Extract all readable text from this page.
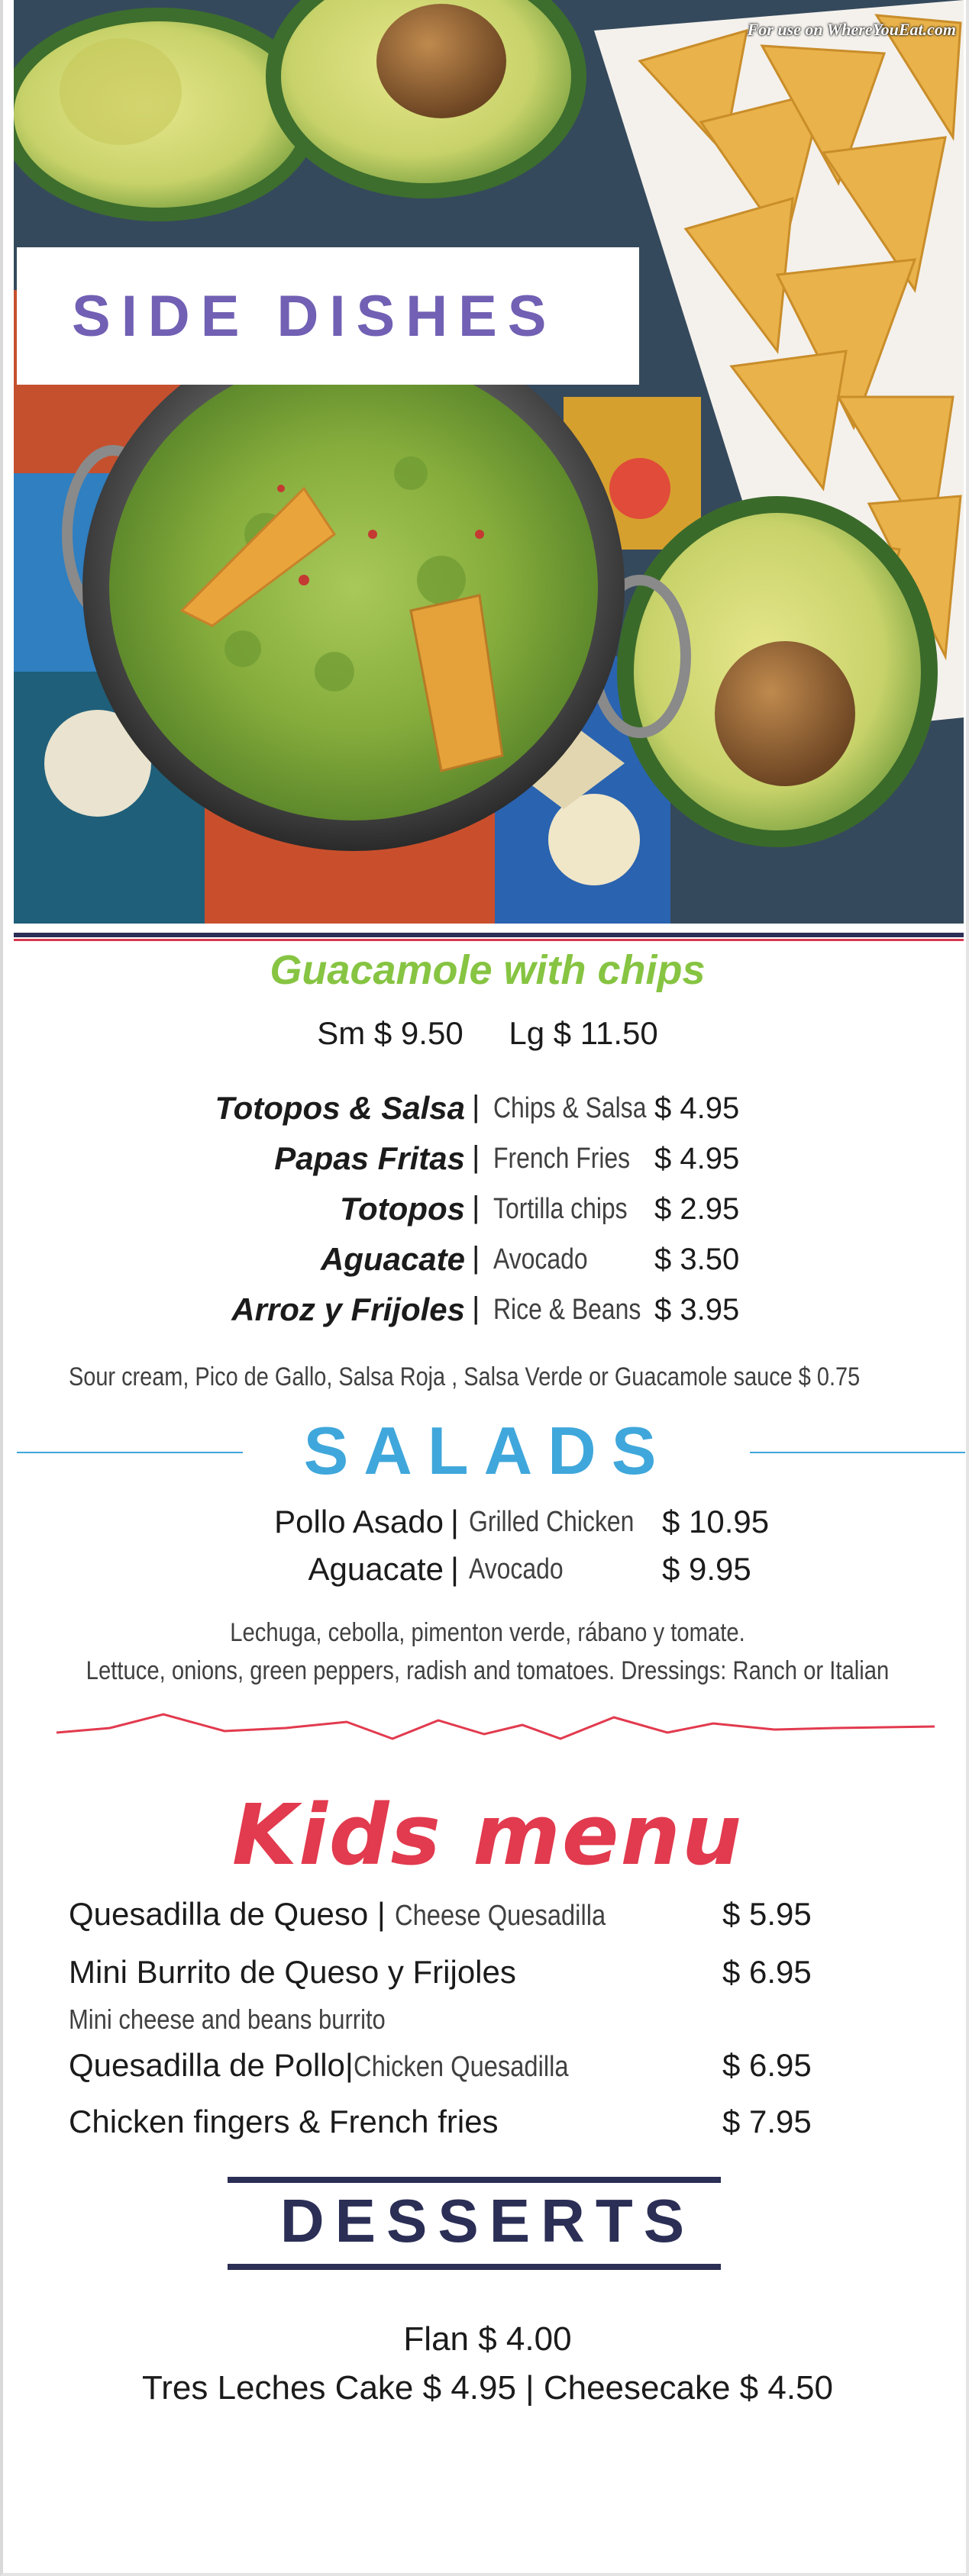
For use on WhereYouEat.com
SIDE DISHES
Guacamole with chips
Sm $ 9.50 Lg $ 11.50
Totopos & Salsa | Chips & Salsa $ 4.95
Papas Fritas | French Fries $ 4.95
Totopos | Tortilla chips $ 2.95
Aguacate | Avocado $ 3.50
Arroz y Frijoles | Rice & Beans $ 3.95
Sour cream, Pico de Gallo, Salsa Roja , Salsa Verde or Guacamole sauce $ 0.75
SALADS
Pollo Asado | Grilled Chicken $ 10.95
Aguacate | Avocado	$ 9.95
Lechuga, cebolla, pimenton verde, rábano y tomate.
Lettuce, onions, green peppers, radish and tomatoes. Dressings: Ranch or Italian
Kids menu
Quesadilla de Queso | Cheese Quesadilla	$ 5.95
Mini Burrito de Queso y Frijoles	$ 6.95
Mini cheese and beans burrito
Quesadilla de Pollo|Chicken Quesadilla	$ 6.95
Chicken fingers & French fries	$ 7.95
DESSERTS
Flan $ 4.00
Tres Leches Cake $ 4.95 | Cheesecake $ 4.50
